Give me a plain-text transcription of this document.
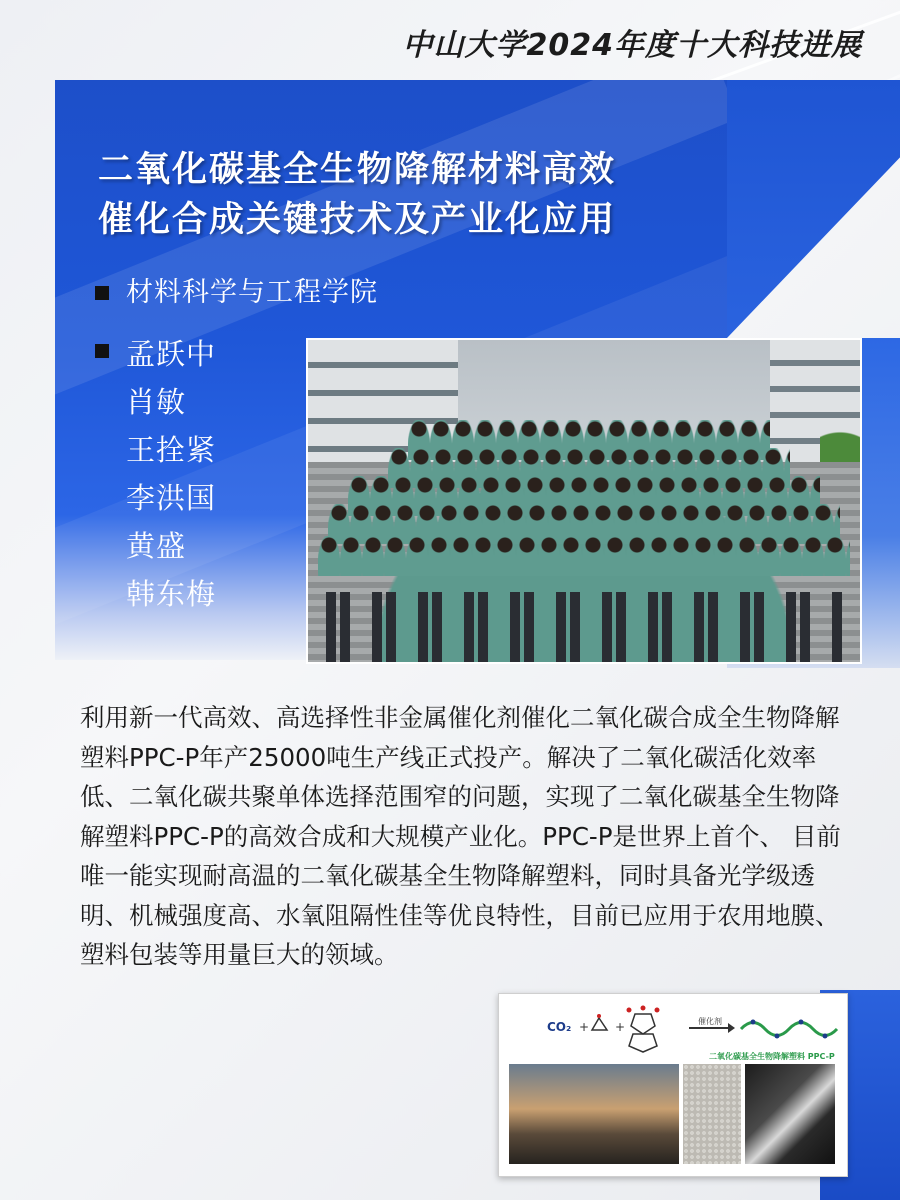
中山大学2024年度十大科技进展
二氧化碳基全生物降解材料高效
催化合成关键技术及产业化应用
材料科学与工程学院
孟跃中
肖敏
王拴紧
李洪国
黄盛
韩东梅

利用新一代高效、高选择性非金属催化剂催化二氧化碳合成全生物降解塑料PPC-P年产25000吨生产线正式投产。解决了二氧化碳活化效率低、二氧化碳共聚单体选择范围窄的问题，实现了二氧化碳基全生物降解塑料PPC-P的高效合成和大规模产业化。PPC-P是世界上首个、 目前唯一能实现耐高温的二氧化碳基全生物降解塑料，同时具备光学级透明、机械强度高、水氧阻隔性佳等优良特性，目前已应用于农用地膜、塑料包装等用量巨大的领域。

CO₂ + +	催化剂
二氧化碳基全生物降解塑料 PPC-P
